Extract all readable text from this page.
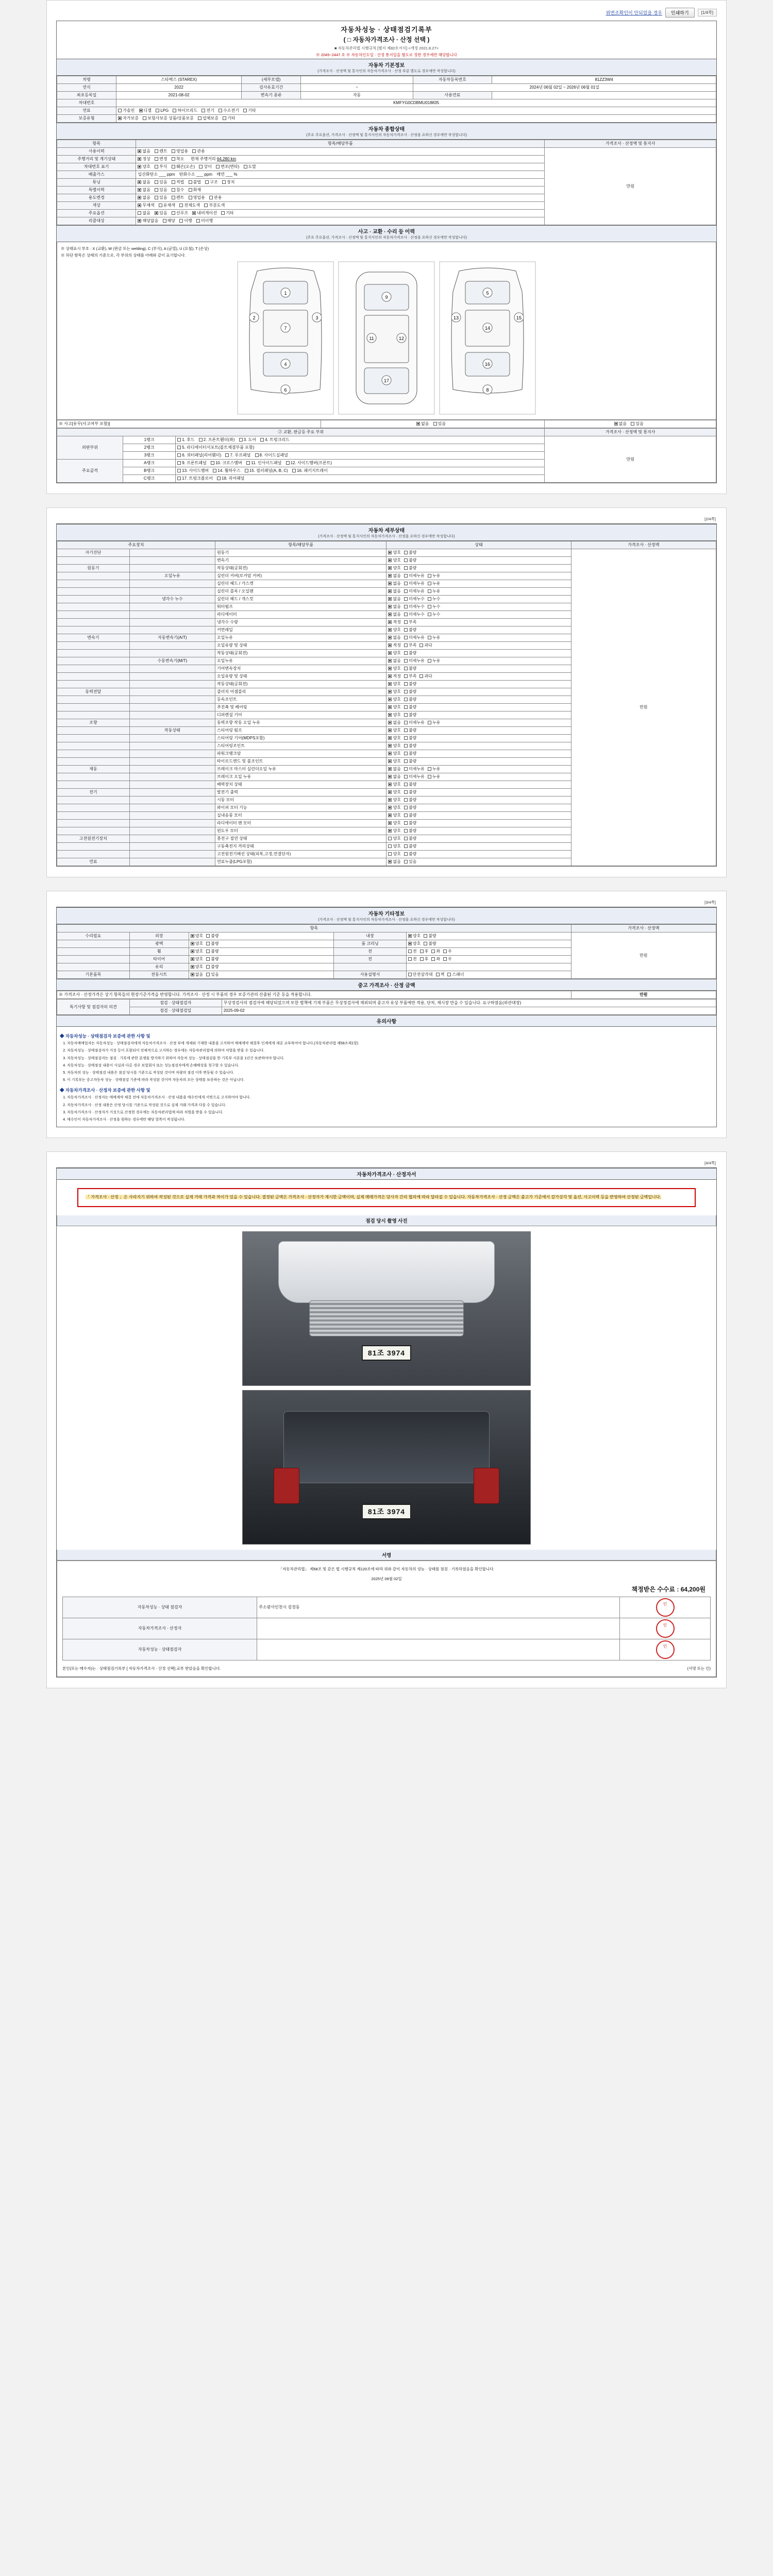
위변조확인이 안되었을 경우	인쇄하기	[1/4쪽]
자동차성능 · 상태점검기록부
( □ 자동차가격조사 · 산정 선택 )
■ 자동차관리법 시행규칙 [별지 제82호서식] <개정 2021.8.27>
※ 2045~2447 호 ※ 자동차인도일 · 산정 통지일을 별도로 정한 경우에만 해당합니다
자동차 기본정보
(가격조사 · 산정액 및 통사인의 자동차가격조사 · 산정 부분 별도로 경우에만 작성합니다)
차명	스타렉스 (STAREX)	(세부모델)		자동차등록번호	81ZZ3W4
연식	2022	검사유효기간	~	2024년 06월 02일 ~ 2026년 06월 01일	
최초등록일	2021-08-02	변속기 종류	자동	사용연료	
차대번호	KMFYG0CDBMU018835				
연료	가솔린 디젤 LPG 하이브리드 전기 수소전기 기타				
보증유형	자가보증 보험사보증 상품/상품보증 업체보증 기타				
자동차 종합상태
(주요 주요옵션, 가격조사 · 산정액 및 통지사인의 자동차가격조사 · 산정을 요하신 경우에만 작성합니다)
항목	항목/해당부품	가격조사 · 산정액 및 통지사
사용이력	없음 렌트 영업용 관용	만원
주행거리 및 계기상태	정상 변경 착오 현재 주행거리 64,280 km	
차대번호 표기	양호 부식 훼손(오손) 상이 변조(변타) 도말	
배출가스	일산화탄소 ___ ppm 탄화수소 ___ ppm 매연 ___ %	
튜닝	없음 있음 적법 불법 구조 장치	
특별이력	없음 있음 침수 화재	
용도변경	없음 있음 렌트 영업용 관용	
색상	무채색 유채색 전체도색 부분도색	
주요옵션	없음 있음 선루프 내비게이션 기타	
리콜대상	해당없음 해당 이행 미이행	
사고 · 교환 · 수리 등 이력
(주요 주요옵션, 가격조사 · 산정액 및 통지사인의 자동차가격조사 · 산정을 요하신 경우에만 작성합니다)
※ 상태표시 부호 : X (교환), W (판금 또는 welding), C (부식), A (균열), U (요철), T (손상)
※ 하단 항목은 상태의 기준으로, 각 부위의 상태를 아래와 같이 표기합니다.
2
1
7
3
4
6
9
11	12
17
13
5
14
15
16
8
※ 사고[유무(사고여부 포함)]	없음 있음	없음 있음
② 교환, 판금등 주요 부위			가격조사 · 산정액 및 통지사
외판부위	1랭크	1. 후드 2. 프론트휀더(좌) 3. 도어 4. 트렁크리드	만원
	2랭크	5. 라디에이터서포트(볼트체결부품 포함)	
	3랭크	6. 쿼터패널(리어휀더) 7. 루프패널 8. 사이드실패널	
주요골격	A랭크	9. 프론트패널 10. 크로스멤버 11. 인사이드패널 12. 사이드멤버(프론트)	
	B랭크	13. 사이드멤버 14. 휠하우스 15. 필러패널(A, B, C) 16. 패키지트레이	
	C랭크	17. 트렁크플로어 18. 리어패널	
[2/4쪽]
자동차 세부상태
(가격조사 · 산정액 및 통지사인의 자동차가격조사 · 산정을 요하신 경우에만 작성합니다)
주요장치		항목/해당부품	상태	가격조사 · 산정액
자기진단		원동기	양호 불량	만원
		변속기	양호 불량	
원동기		작동상태(공회전)	양호 불량	
	오일누유	실린더 커버(로커암 커버)	없음 미세누유 누유	
		실린더 헤드 / 가스켓	없음 미세누유 누유	
		실린더 블록 / 오일팬	없음 미세누유 누유	
	냉각수 누수	실린더 헤드 / 개스킷	없음 미세누수 누수	
		워터펌프	없음 미세누수 누수	
		라디에이터	없음 미세누수 누수	
		냉각수 수량	적정 부족	
		커먼레일	양호 불량	
변속기	자동변속기(A/T)	오일누유	없음 미세누유 누유	
		오일유량 및 상태	적정 부족 과다	
		작동상태(공회전)	양호 불량	
	수동변속기(M/T)	오일누유	없음 미세누유 누유	
		기어변속장치	양호 불량	
		오일유량 및 상태	적정 부족 과다	
		작동상태(공회전)	양호 불량	
동력전달		클러치 어셈블리	양호 불량	
		등속조인트	양호 불량	
		추진축 및 베어링	양호 불량	
		디퍼렌셜 기어	양호 불량	
조향		동력조향 작동 오일 누유	없음 미세누유 누유	
	작동상태	스티어링 펌프	양호 불량	
		스티어링 기어(MDPS포함)	양호 불량	
		스티어링조인트	양호 불량	
		파워크랭크암	양호 불량	
		타이로드엔드 및 볼조인트	양호 불량	
제동		브레이크 마스터 실린더오일 누유	없음 미세누유 누유	
		브레이크 오일 누유	없음 미세누유 누유	
		배력장치 상태	양호 불량	
전기		발전기 출력	양호 불량	
		시동 모터	양호 불량	
		와이퍼 모터 기능	양호 불량	
		실내송풍 모터	양호 불량	
		라디에이터 팬 모터	양호 불량	
		윈도우 모터	양호 불량	
고전원전기장치		충전구 절연 상태	양호 불량	
		구동축전지 격리상태	양호 불량	
		고전원전기배선 상태(피복,고정,연결단자)	양호 불량	
연료		연료누출(LPG포함)	없음 있음	
[3/4쪽]
자동차 기타정보
(가격조사 · 산정액 및 통지사인의 자동차가격조사 · 산정을 요하신 경우에만 작성합니다)
항목					가격조사 · 산정액
수리필요	외장	양호 불량	내장	양호 불량	만원
	광택	양호 불량	룸 크리닝	양호 불량	
	휠	양호 불량	전	전 후 좌 우	
	타이어	양호 불량	전	전 후 좌 우	
	유리	양호 불량			
기본품목	전동시트	없음 있음	사용설명서	안전삼각대 잭 스패너	
중고 가격조사 · 산정 금액
※ 가격조사 · 산정가격은 상기 항목들의 현장기준가격을 반영합니다. 가격조사 · 산정 시 부품의 경우 보증기관의 산출된 기준 등을 적용합니다.	만원
특기사항 및 점검자의 의견	점검 · 상태점검자	무상정검사의 점검자에 해당되었으며 또한 별책에 기재 부품은 무상정검사에 제외되며 중고자 유상 부품에만 적용, 단처, 제시장 만을 수 있습니다. 요구하였음(외관대장)
	점검 · 상태점검일	2025-09-02
유의사항
◆ 자동차성능 · 상태점검자 보증에 관한 사항 및
1. 자동차매매업자는 자동차성능 · 상태점검자에게 자동차가격조사 · 산정 부에 게재와 기재한 내용을 고지하여 매매계약 체결후 인계에게 제공 교부하여야 합니다.(자동차관리법 제58조제1항)
2. 자동차성능 · 상태점검자가 거짓 등이 포함되어 전체적으로 고지하는 경우에는 자동차관리법에 의하여 처벌을 받을 수 있습니다.
3. 자동차성능 · 상태점검자는 점검 · 기록에 관한 분쟁을 방지하기 위하여 자동차 성능 · 상태점검을 한 기록부 사본을 1년간 보관하여야 합니다.
4. 자동차성능 · 상태점검 내용이 사실과 다른 경우 보험회사 또는 성능점검자에게 손해배상을 청구할 수 있습니다.
5. 자동차의 성능 · 상태점검 내용은 점검 당시를 기준으로 작성된 것이며 차량의 점검 이후 변동될 수 있습니다.
6. 이 기록부는 중고자동차 성능 · 상태점검 기준에 따라 작성된 것이며 자동차의 모든 상태를 보증하는 것은 아닙니다.
◆ 자동차가격조사 · 산정자 보증에 관한 사항 및
1. 자동차가격조사 · 산정자는 매매계약 체결 전에 자동차가격조사 · 산정 내용을 매수인에게 서면으로 고지하여야 합니다.
2. 자동차가격조사 · 산정 내용은 산정 당시를 기준으로 작성된 것으로 실제 거래 가격과 다를 수 있습니다.
3. 자동차가격조사 · 산정자가 거짓으로 산정한 경우에는 자동차관리법에 따라 처벌을 받을 수 있습니다.
4. 매수인이 자동차가격조사 · 산정을 원하는 경우에만 해당 항목이 작성됩니다.
[4/4쪽]
자동차가격조사 · 산정자서
「 가격조사 · 산정 」은 사라지기 위하여 작성된 것으로 실제 거래 가격과 차이가 있을 수 있습니다. 결정된 금액은 가격조사 · 산정자가 제시한 금액이며, 실제 매매가격은 당사자 간의 협의에 따라 달라질 수 있습니다. 자동차가격조사 · 산정 금액은 출고가 기준에서 감가상각 및 옵션, 사고이력 등을 반영하여 산정된 금액입니다.
점검 당시 촬영 사진
81조 3974
81조 3974
서명
「자동차관리법」 제58조 및 같은 법 시행규칙 제120조에 따라 위와 같이 자동차의 성능 · 상태를 점검 · 기록하였음을 확인합니다.
2025년 09월 02일
책정받은 수수료 : 64,200원
자동차성능 · 상태 점검자	주소광사인천시 검정동	인
자동차가격조사 · 산정자		인
자동차성능 · 상태점검자		인
본인(또는 매수자)는 · 상태점검기록부 [ 자동차가격조사 · 산정 선택] 교부 받았음을 확인합니다.	(서명 또는 인)
